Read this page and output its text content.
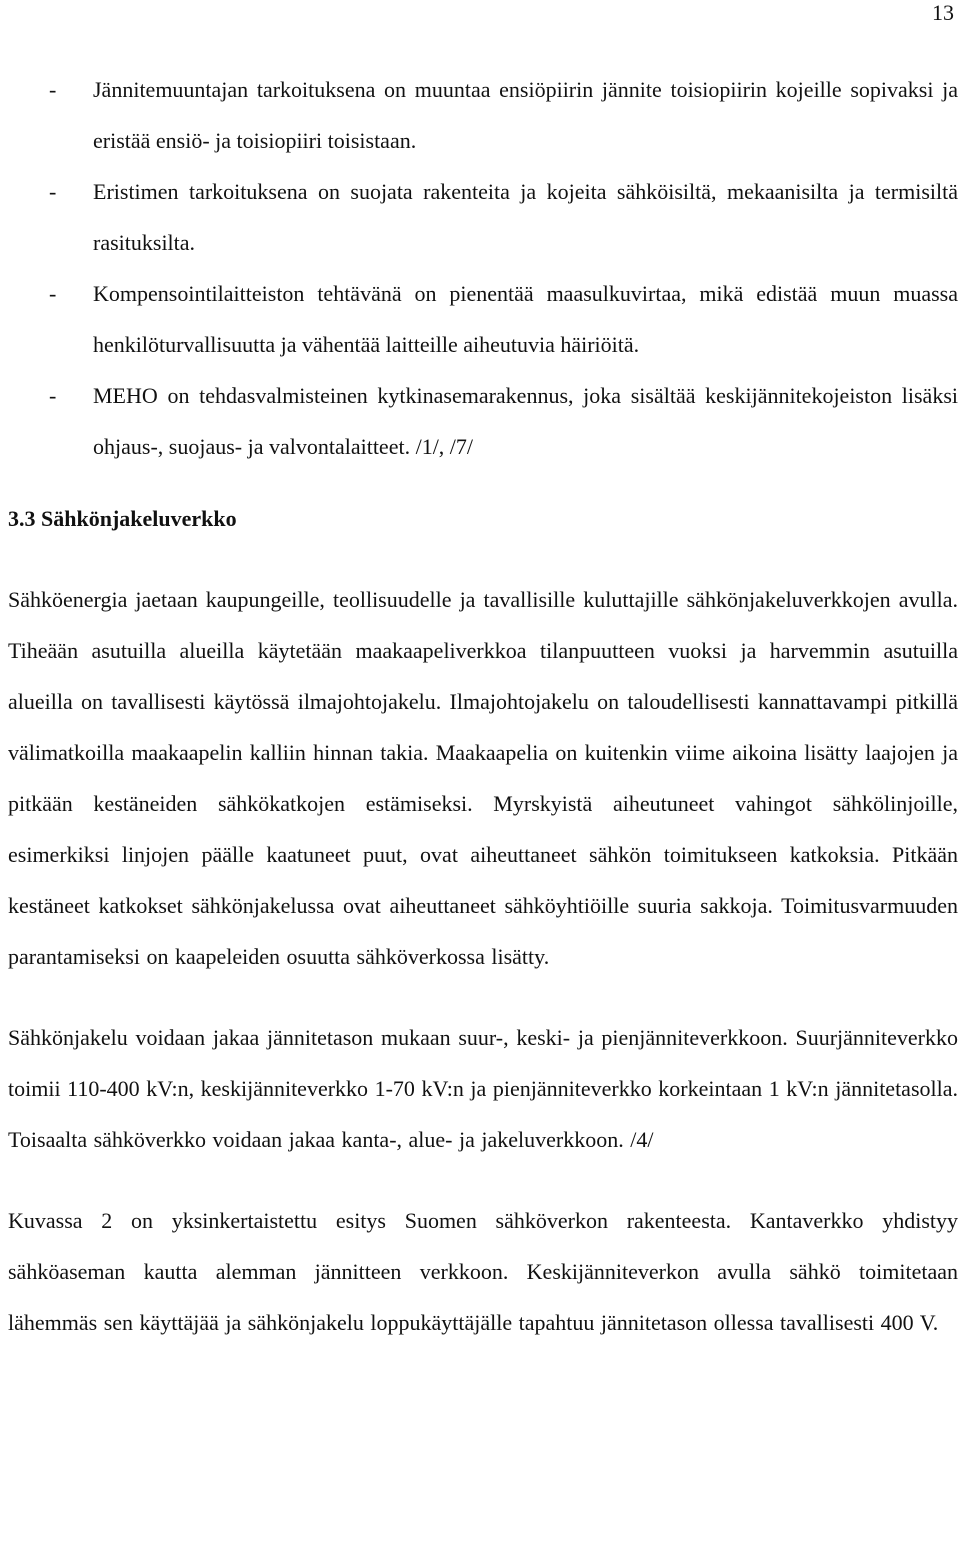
13
- Jännitemuuntajan tarkoituksena on muuntaa ensiöpiirin jännite toisiopiirin kojeille sopivaksi ja eristää ensiö- ja toisiopiiri toisistaan.
- Eristimen tarkoituksena on suojata rakenteita ja kojeita sähköisiltä, mekaanisilta ja termisiltä rasituksilta.
- Kompensointilaitteiston tehtävänä on pienentää maasulkuvirtaa, mikä edistää muun muassa henkilöturvallisuutta ja vähentää laitteille aiheutuvia häiriöitä.
- MEHO on tehdasvalmisteinen kytkinasemarakennus, joka sisältää keskijännitekojeiston lisäksi ohjaus-, suojaus- ja valvontalaitteet. /1/, /7/
3.3 Sähkönjakeluverkko

Sähköenergia jaetaan kaupungeille, teollisuudelle ja tavallisille kuluttajille sähkönjakeluverkkojen avulla. Tiheään asutuilla alueilla käytetään maakaapeliverkkoa tilanpuutteen vuoksi ja harvemmin asutuilla alueilla on tavallisesti käytössä ilmajohtojakelu. Ilmajohtojakelu on taloudellisesti kannattavampi pitkillä välimatkoilla maakaapelin kalliin hinnan takia. Maakaapelia on kuitenkin viime aikoina lisätty laajojen ja pitkään kestäneiden sähkökatkojen estämiseksi. Myrskyistä aiheutuneet vahingot sähkölinjoille, esimerkiksi linjojen päälle kaatuneet puut, ovat aiheuttaneet sähkön toimitukseen katkoksia. Pitkään kestäneet katkokset sähkönjakelussa ovat aiheuttaneet sähköyhtiöille suuria sakkoja. Toimitusvarmuuden parantamiseksi on kaapeleiden osuutta sähköverkossa lisätty.

Sähkönjakelu voidaan jakaa jännitetason mukaan suur-, keski- ja pienjänniteverkkoon. Suurjänniteverkko toimii 110-400 kV:n, keskijänniteverkko 1-70 kV:n ja pienjänniteverkko korkeintaan 1 kV:n jännitetasolla. Toisaalta sähköverkko voidaan jakaa kanta-, alue- ja jakeluverkkoon. /4/

Kuvassa 2 on yksinkertaistettu esitys Suomen sähköverkon rakenteesta. Kantaverkko yhdistyy sähköaseman kautta alemman jännitteen verkkoon. Keskijänniteverkon avulla sähkö toimitetaan lähemmäs sen käyttäjää ja sähkönjakelu loppukäyttäjälle tapahtuu jännitetason ollessa tavallisesti 400 V.
